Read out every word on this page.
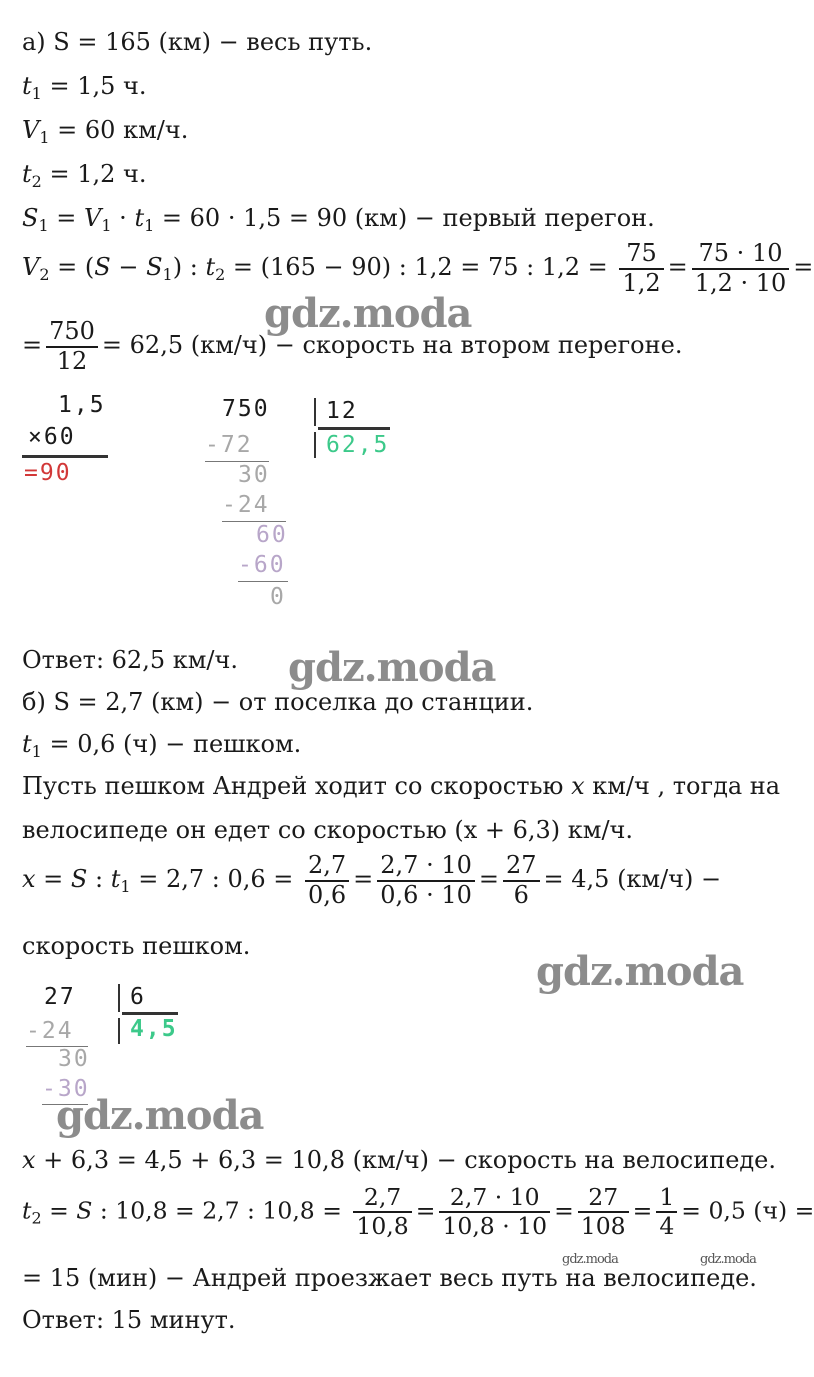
а) S = 165 (км) − весь путь.
$t_1 = 1,5$ ч.
$V_1 = 60$ км/ч.
$t_2 = 1,2$ ч.
$S_1 = V_1 \cdot t_1 = 60 \cdot 1,5 = 90$ (км) − первый перегон.
$V_2 = (S - S_1)$ : $t_2 = (165 - 90)$ : 1,2 = 75 : $1,2 = \frac{75}{1,2} = \frac{75 \cdot 10}{1,2 \cdot 10}$ =
= $\frac{750}{12} = 62,5$ (км/ч) − скорость на втором перегоне.
1,5
×60
=90
750 12
62,5
-72
30
-24
60
-60
0
Ответ: 62,5 км/ч.
б) S = 2,7 (км) − от поселка до станции.
$t_1 = 0,6$ (ч) − пешком.
Пусть пешком Андрей ходит со скоростью x км/ч , тогда на
велосипеде он едет со скоростью (x + 6,3) км/ч.
x = S : $t_1 = 2,7$ : $0,6 = \frac{2,7}{0,6} = \frac{2,7 \cdot 10}{0,6 \cdot 10} = \frac{27}{6} = 4,5$ (км/ч) −
скорость пешком.
27 6
4,5
-24
30
-30
x + 6,3 = 4,5 + 6,3 = 10,8 (км/ч) − скорость на велосипеде.
$t_2 = S$ : 10,8 = 2,7 : $10,8 = \frac{2,7}{10,8} = \frac{2,7 \cdot 10}{10,8 \cdot 10} = \frac{27}{108} = \frac{1}{4} = 0,5$ (ч) =
= 15 (мин) − Андрей проезжает весь путь на велосипеде.
Ответ: 15 минут.
gdz.moda
gdz.moda
gdz.moda
gdz.moda
gdz.moda	gdz.moda
